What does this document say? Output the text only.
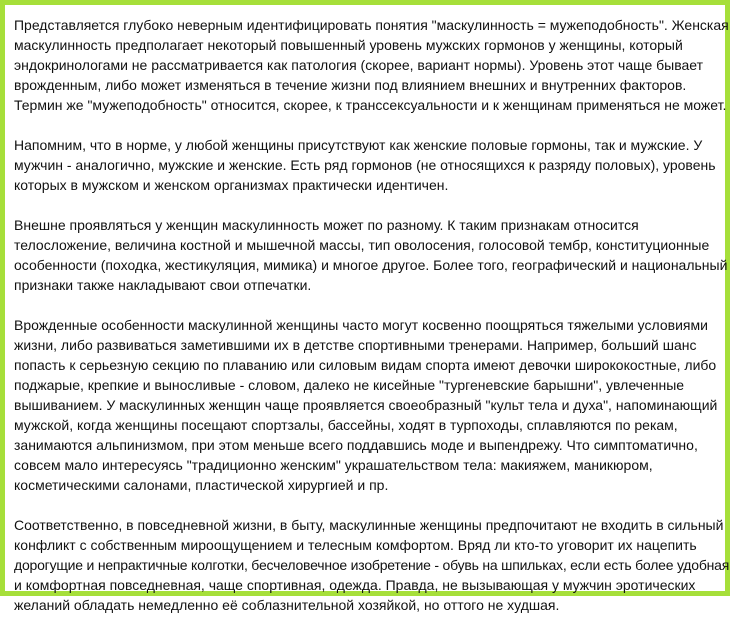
Представляется глубоко неверным идентифицировать понятия "маскулинность = мужеподобность". Женская
маскулинность предполагает некоторый повышенный уровень мужских гормонов у женщины, который
эндокринологами не рассматривается как патология (скорее, вариант нормы). Уровень этот чаще бывает
врожденным, либо может изменяться в течение жизни под влиянием внешних и внутренних факторов.
Термин же "мужеподобность" относится, скорее, к транссексуальности и к женщинам применяться не может.
Напомним, что в норме, у любой женщины присутствуют как женские половые гормоны, так и мужские. У
мужчин - аналогично, мужские и женские. Есть ряд гормонов (не относящихся к разряду половых), уровень
которых в мужском и женском организмах практически идентичен.
Внешне проявляться у женщин маскулинность может по разному. К таким признакам относится
телосложение, величина костной и мышечной массы, тип оволосения, голосовой тембр, конституционные
особенности (походка, жестикуляция, мимика) и многое другое. Более того, географический и национальный
признаки также накладывают свои отпечатки.
Врожденные особенности маскулинной женщины часто могут косвенно поощряться тяжелыми условиями
жизни, либо развиваться заметившими их в детстве спортивными тренерами. Например, больший шанс
попасть к серьезную секцию по плаванию или силовым видам спорта имеют девочки ширококостные, либо
поджарые, крепкие и выносливые - словом, далеко не кисейные "тургеневские барышни", увлеченные
вышиванием. У маскулинных женщин чаще проявляется своеобразный "культ тела и духа", напоминающий
мужской, когда женщины посещают спортзалы, бассейны, ходят в турпоходы, сплавляются по рекам,
занимаются альпинизмом, при этом меньше всего поддавшись моде и выпендрежу. Что симптоматично,
совсем мало интересуясь "традиционно женским" украшательством тела: макияжем, маникюром,
косметическими салонами, пластической хирургией и пр.
Соответственно, в повседневной жизни, в быту, маскулинные женщины предпочитают не входить в сильный
конфликт с собственным мироощущением и телесным комфортом. Вряд ли кто-то уговорит их нацепить
дорогущие и непрактичные колготки, бесчеловечное изобретение - обувь на шпильках, если есть более удобная
и комфортная повседневная, чаще спортивная, одежда. Правда, не вызывающая у мужчин эротических
желаний обладать немедленно её соблазнительной хозяйкой, но оттого не худшая.
